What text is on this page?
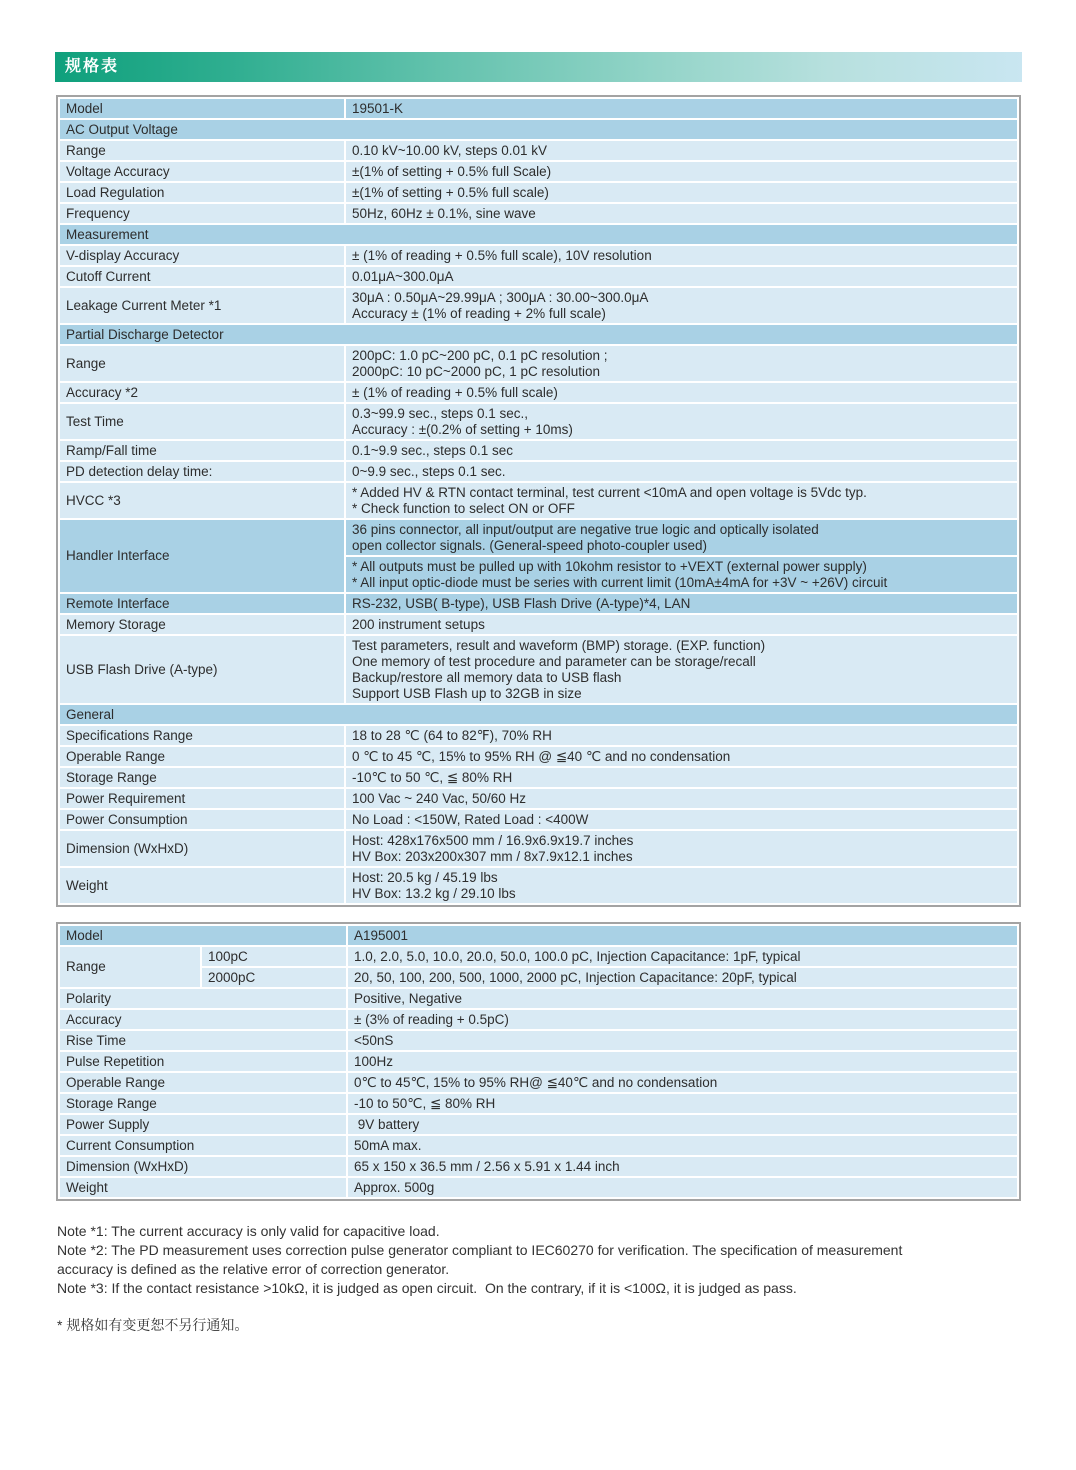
规格表
Model	19501-K

AC Output Voltage	
Range	0.10 kV~10.00 kV, steps 0.01 kV

Voltage Accuracy	±(1% of setting + 0.5% full Scale)

Load Regulation	±(1% of setting + 0.5% full scale)

Frequency	50Hz, 60Hz ± 0.1%, sine wave

Measurement	
V-display Accuracy	± (1% of reading + 0.5% full scale), 10V resolution

Cutoff Current	0.01μA~300.0μA

Leakage Current Meter *1	30μA : 0.50μA~29.99μA ; 300μA : 30.00~300.0μA
Accuracy ± (1% of reading + 2% full scale)

Partial Discharge Detector	
Range	200pC: 1.0 pC~200 pC, 0.1 pC resolution ;
2000pC: 10 pC~2000 pC, 1 pC resolution

Accuracy *2	± (1% of reading + 0.5% full scale)

Test Time	0.3~99.9 sec., steps 0.1 sec.,
Accuracy : ±(0.2% of setting + 10ms)

Ramp/Fall time	0.1~9.9 sec., steps 0.1 sec

PD detection delay time:	0~9.9 sec., steps 0.1 sec.

HVCC *3	* Added HV & RTN contact terminal, test current <10mA and open voltage is 5Vdc typ.
* Check function to select ON or OFF

Handler Interface	36 pins connector, all input/output are negative true logic and optically isolated
open collector signals. (General-speed photo-coupler used)

	* All outputs must be pulled up with 10kohm resistor to +VEXT (external power supply)
* All input optic-diode must be series with current limit (10mA±4mA for +3V ~ +26V) circuit

Remote Interface	RS-232, USB( B-type), USB Flash Drive (A-type)*4, LAN

Memory Storage	200 instrument setups

USB Flash Drive (A-type)	Test parameters, result and waveform (BMP) storage. (EXP. function)
One memory of test procedure and parameter can be storage/recall
Backup/restore all memory data to USB flash
Support USB Flash up to 32GB in size

General	
Specifications Range	18 to 28 ℃ (64 to 82℉), 70% RH

Operable Range	0 ℃ to 45 ℃, 15% to 95% RH @ ≦40 ℃ and no condensation

Storage Range	-10℃ to 50 ℃, ≦ 80% RH

Power Requirement	100 Vac ~ 240 Vac, 50/60 Hz

Power Consumption	No Load : <150W, Rated Load : <400W

Dimension (WxHxD)	Host: 428x176x500 mm / 16.9x6.9x19.7 inches
HV Box: 203x200x307 mm / 8x7.9x12.1 inches

Weight	Host: 20.5 kg / 45.19 lbs
HV Box: 13.2 kg / 29.10 lbs
Model		A195001

Range	100pC	1.0, 2.0, 5.0, 10.0, 20.0, 50.0, 100.0 pC, Injection Capacitance: 1pF, typical

	2000pC	20, 50, 100, 200, 500, 1000, 2000 pC, Injection Capacitance: 20pF, typical

Polarity		Positive, Negative

Accuracy		± (3% of reading + 0.5pC)

Rise Time		<50nS

Pulse Repetition		100Hz

Operable Range		0℃ to 45℃, 15% to 95% RH@ ≦40℃ and no condensation

Storage Range		-10 to 50℃, ≦ 80% RH

Power Supply		9V battery

Current Consumption		50mA max.

Dimension (WxHxD)		65 x 150 x 36.5 mm / 2.56 x 5.91 x 1.44 inch

Weight		Approx. 500g
Note *1: The current accuracy is only valid for capacitive load.
Note *2: The PD measurement uses correction pulse generator compliant to IEC60270 for verification. The specification of measurement
accuracy is defined as the relative error of correction generator.
Note *3: If the contact resistance >10kΩ, it is judged as open circuit.  On the contrary, if it is <100Ω, it is judged as pass.
* 规格如有变更恕不另行通知。
